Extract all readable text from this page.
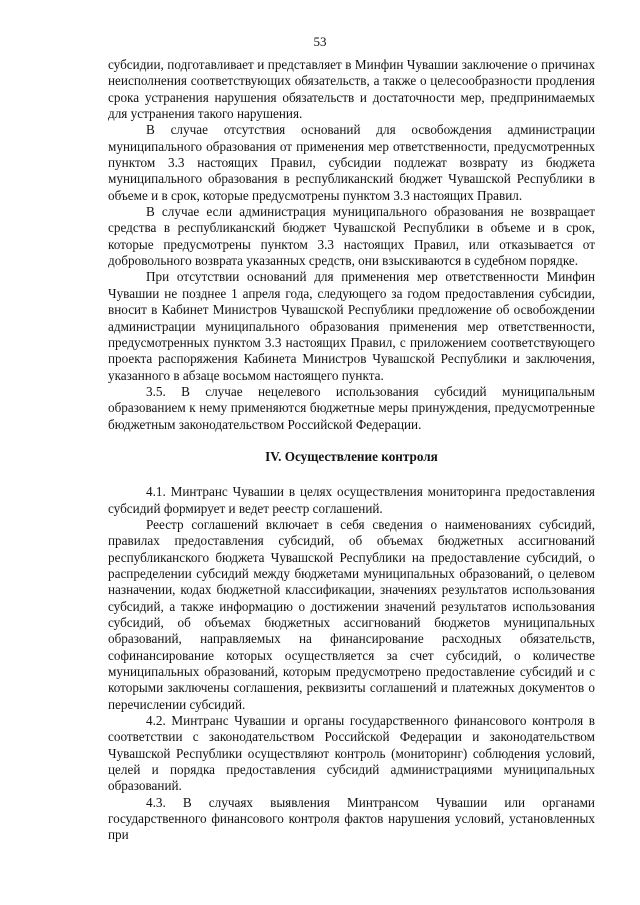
53

субсидии, подготавливает и представляет в Минфин Чувашии заключение о причинах неисполнения соответствующих обязательств, а также о целесообразности продления срока устранения нарушения обязательств и достаточности мер, предпринимаемых для устранения такого нарушения.

В случае отсутствия оснований для освобождения администрации муниципального образования от применения мер ответственности, предусмотренных пунктом 3.3 настоящих Правил, субсидии подлежат возврату из бюджета муниципального образования в республиканский бюджет Чувашской Республики в объеме и в срок, которые предусмотрены пунктом 3.3 настоящих Правил.

В случае если администрация муниципального образования не возвращает средства в республиканский бюджет Чувашской Республики в объеме и в срок, которые предусмотрены пунктом 3.3 настоящих Правил, или отказывается от добровольного возврата указанных средств, они взыскиваются в судебном порядке.

При отсутствии оснований для применения мер ответственности Минфин Чувашии не позднее 1 апреля года, следующего за годом предоставления субсидии, вносит в Кабинет Министров Чувашской Республики предложение об освобождении администрации муниципального образования применения мер ответственности, предусмотренных пунктом 3.3 настоящих Правил, с приложением соответствующего проекта распоряжения Кабинета Министров Чувашской Республики и заключения, указанного в абзаце восьмом настоящего пункта.

3.5. В случае нецелевого использования субсидий муниципальным образованием к нему применяются бюджетные меры принуждения, предусмотренные бюджетным законодательством Российской Федерации.

IV. Осуществление контроля

4.1. Минтранс Чувашии в целях осуществления мониторинга предоставления субсидий формирует и ведет реестр соглашений.

Реестр соглашений включает в себя сведения о наименованиях субсидий, правилах предоставления субсидий, об объемах бюджетных ассигнований республиканского бюджета Чувашской Республики на предоставление субсидий, о распределении субсидий между бюджетами муниципальных образований, о целевом назначении, кодах бюджетной классификации, значениях результатов использования субсидий, а также информацию о достижении значений результатов использования субсидий, об объемах бюджетных ассигнований бюджетов муниципальных образований, направляемых на финансирование расходных обязательств, софинансирование которых осуществляется за счет субсидий, о количестве муниципальных образований, которым предусмотрено предоставление субсидий и с которыми заключены соглашения, реквизиты соглашений и платежных документов о перечислении субсидий.

4.2. Минтранс Чувашии и органы государственного финансового контроля в соответствии с законодательством Российской Федерации и законодательством Чувашской Республики осуществляют контроль (мониторинг) соблюдения условий, целей и порядка предоставления субсидий администрациями муниципальных образований.

4.3. В случаях выявления Минтрансом Чувашии или органами государственного финансового контроля фактов нарушения условий, установленных при
